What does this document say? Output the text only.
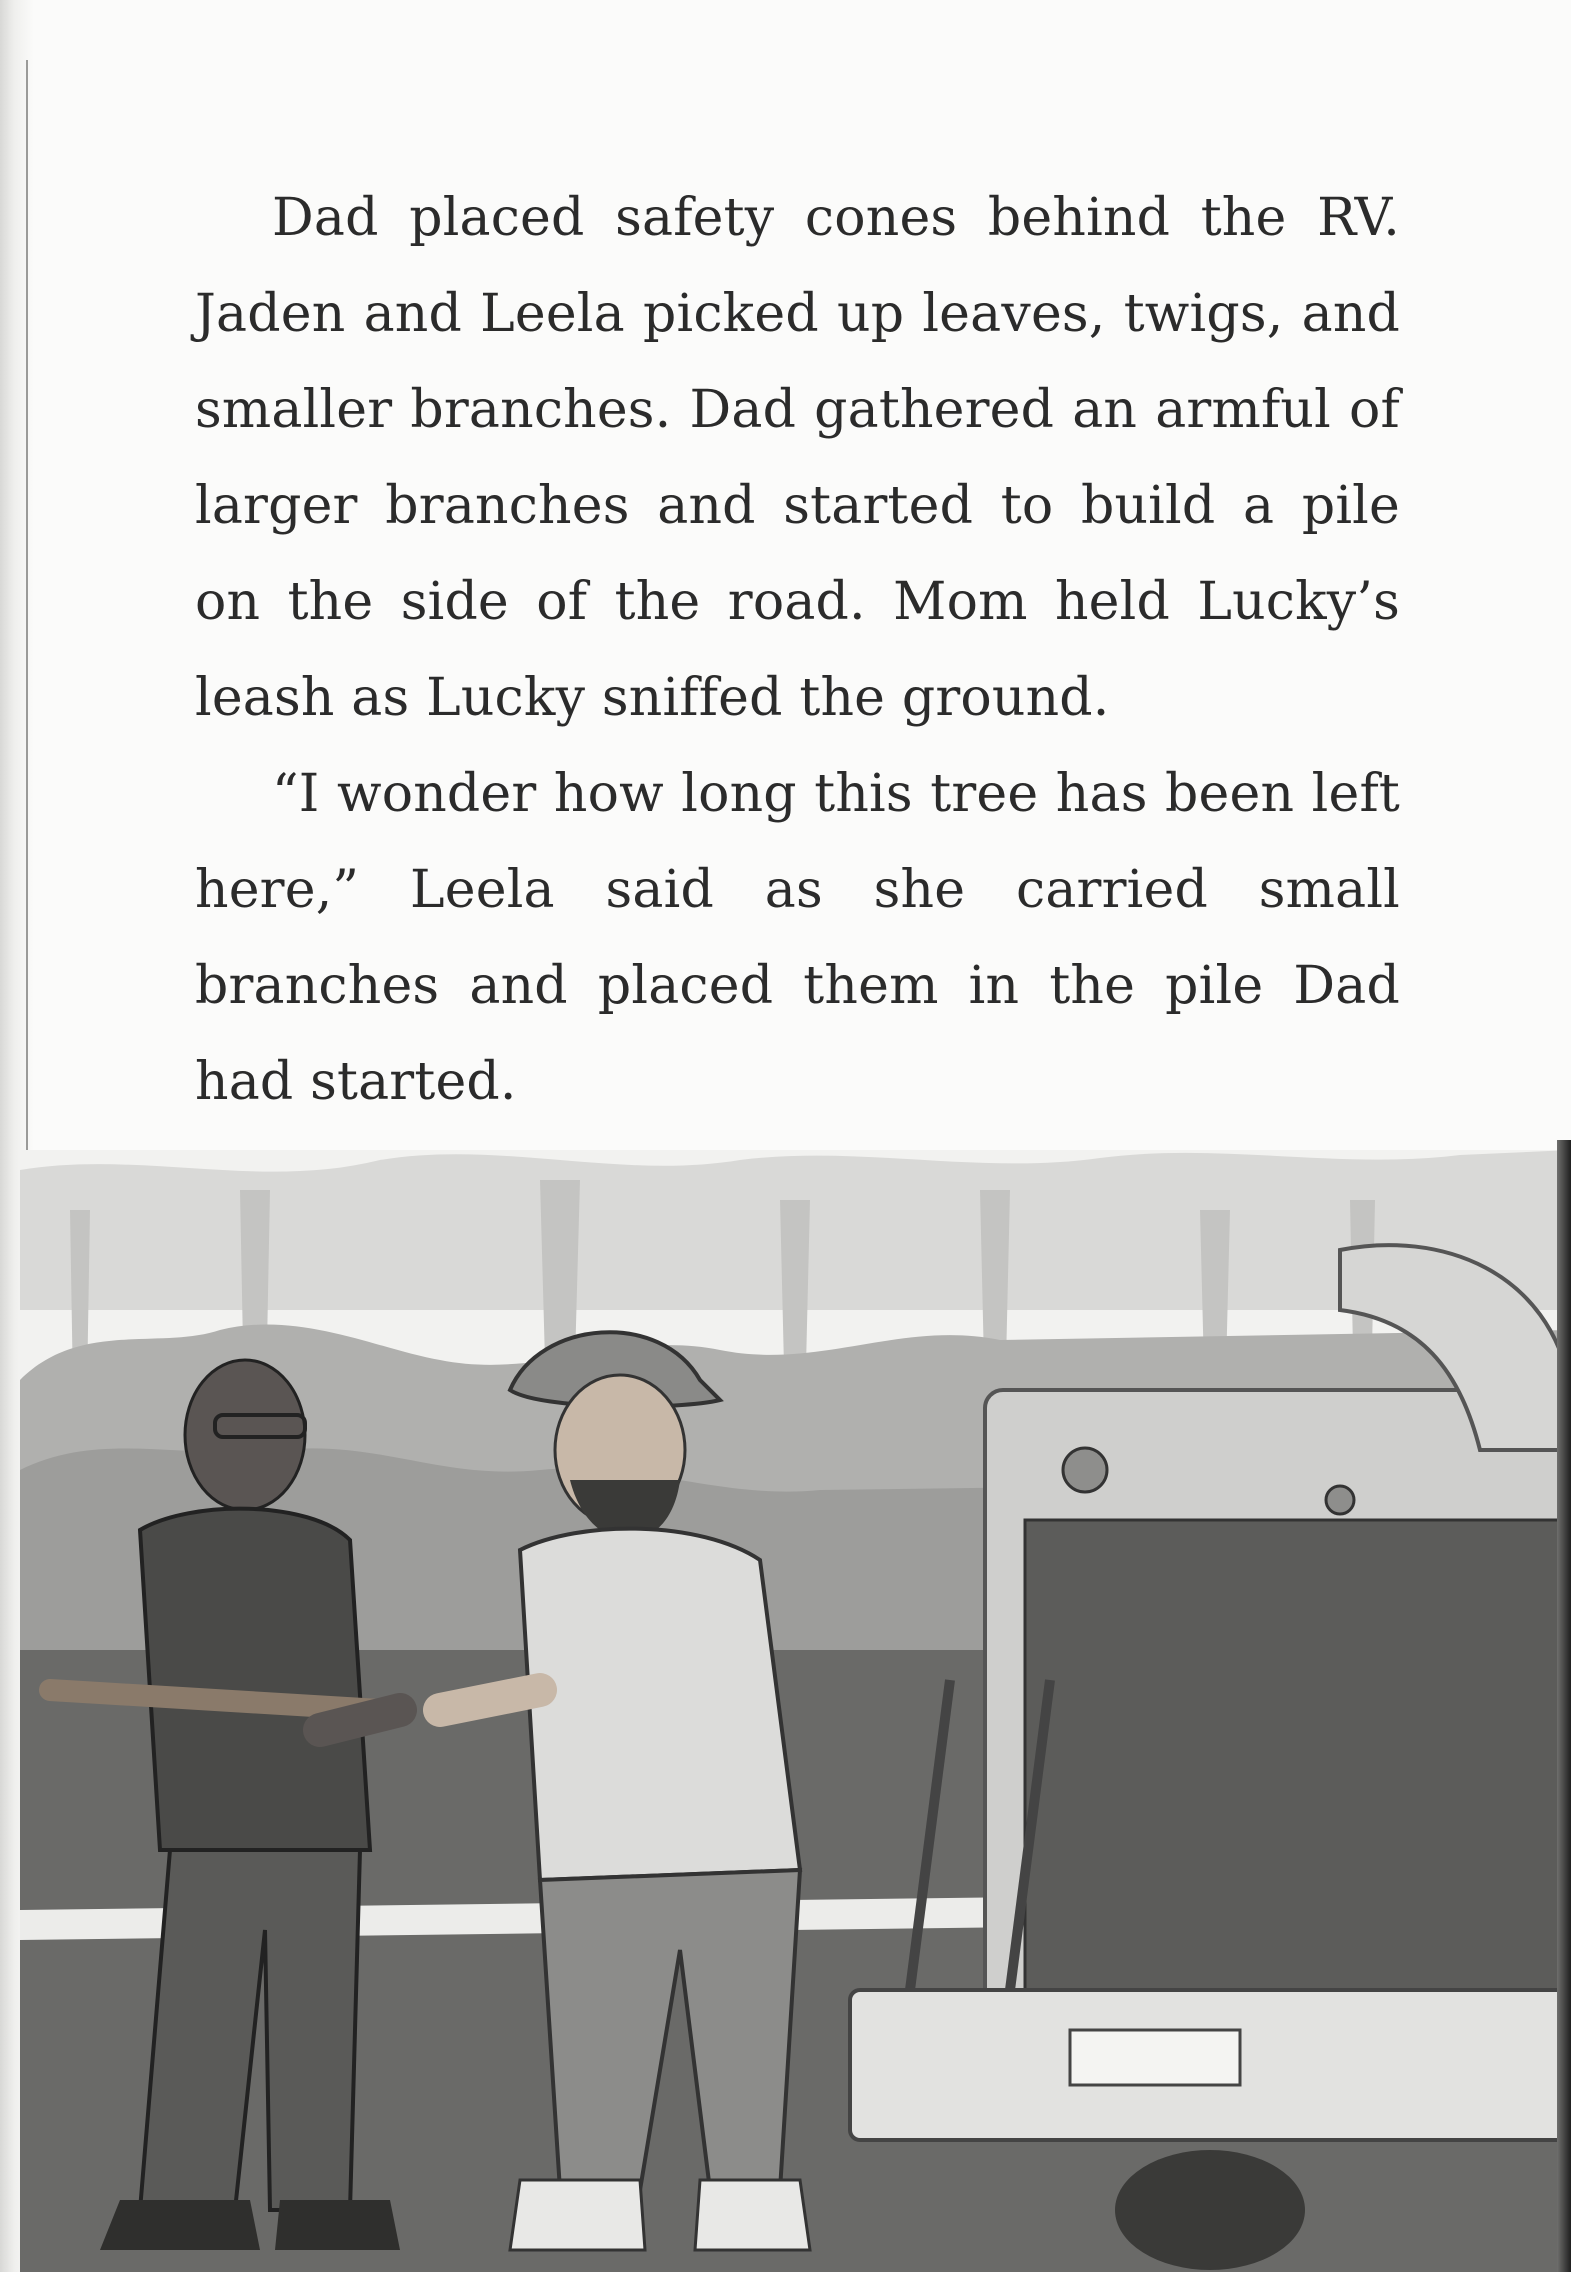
Dad placed safety cones behind the RV. Jaden and Leela picked up leaves, twigs, and smaller branches. Dad gathered an armful of larger branches and started to build a pile on the side of the road. Mom held Lucky’s leash as Lucky sniffed the ground.

“I wonder how long this tree has been left here,” Leela said as she carried small branches and placed them in the pile Dad had started.
